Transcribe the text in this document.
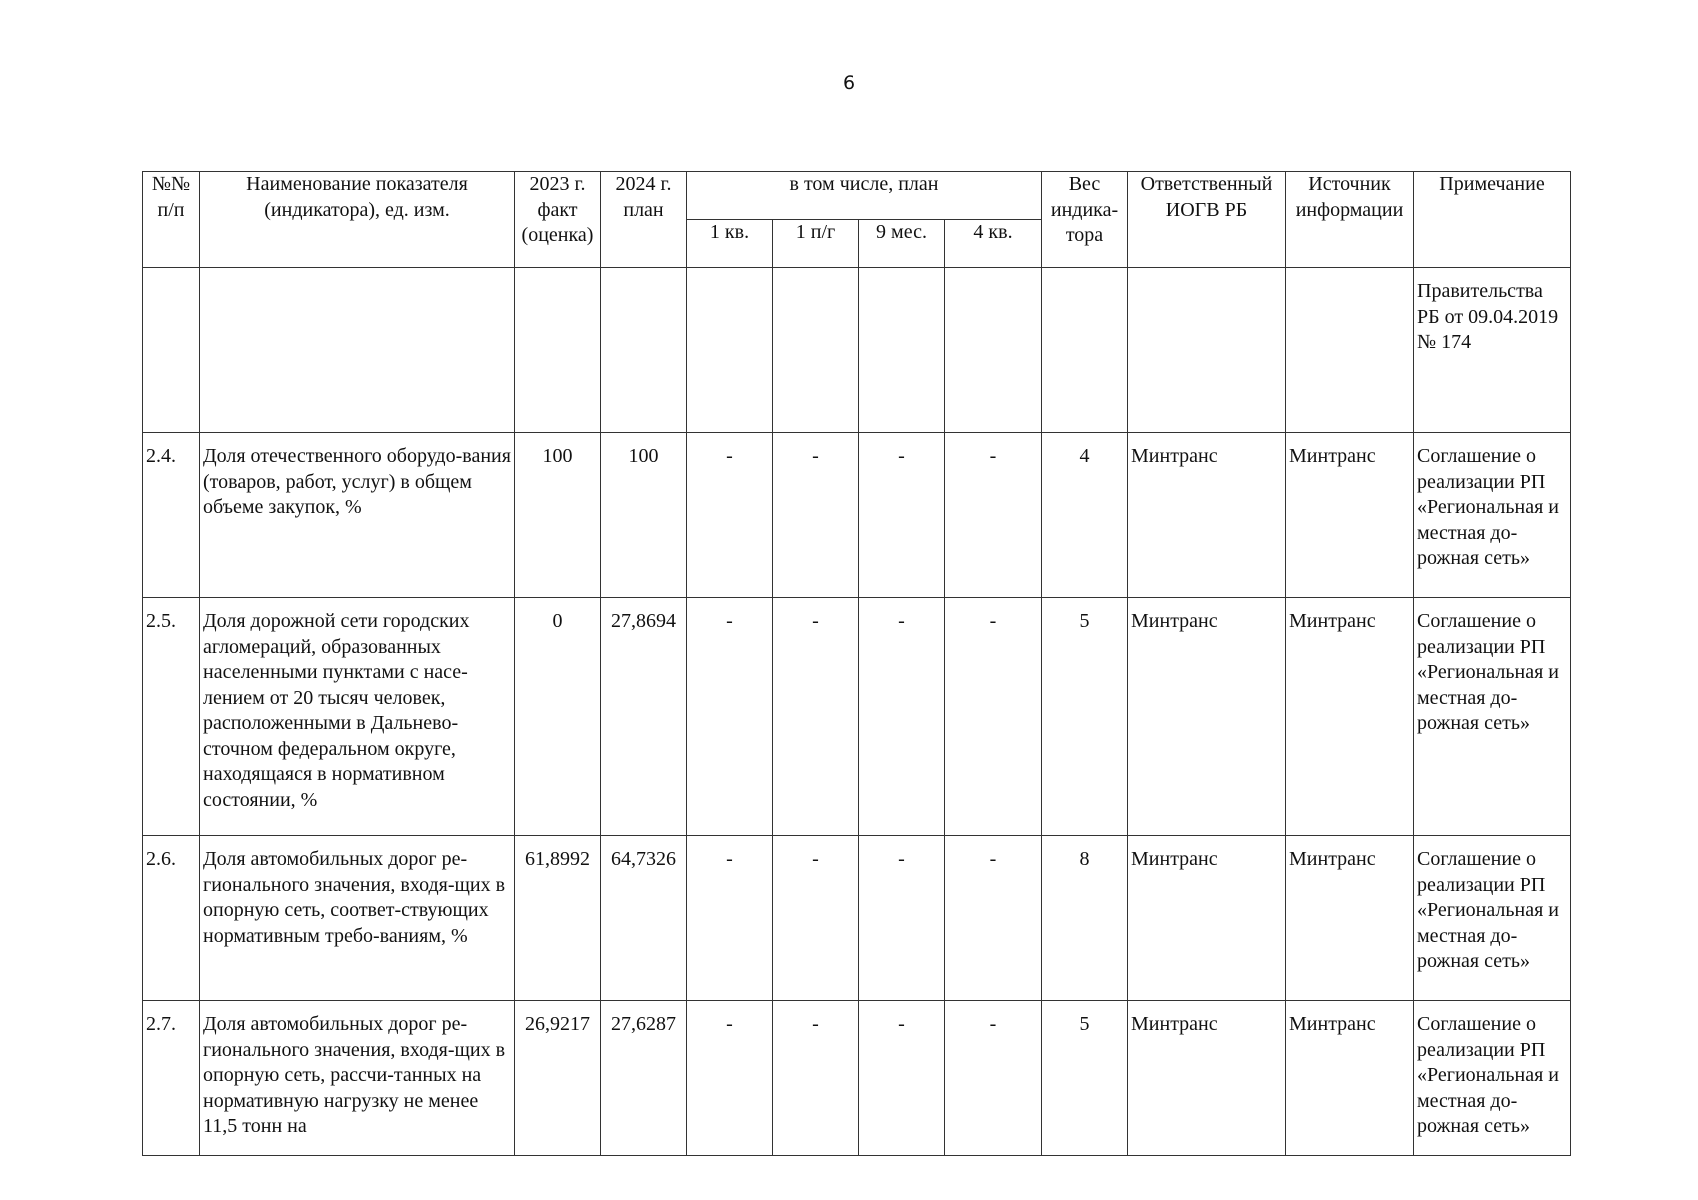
6
№№ п/п	Наименование показателя (индикатора), ед. изм.	2023 г. факт (оценка)	2024 г. план	в том числе, план				Вес индика-тора	Ответственный ИОГВ РБ	Источник информации	Примечание
				1 кв.	1 п/г	9 мес.	4 кв.				
											Правительства РБ от 09.04.2019 № 174
2.4.	Доля отечественного оборудо-вания (товаров, работ, услуг) в общем объеме закупок, %	100	100	-	-	-	-	4	Минтранс	Минтранс	Соглашение о реализации РП «Региональная и местная до-рожная сеть»
2.5.	Доля дорожной сети городских агломераций, образованных населенными пунктами с насе-лением от 20 тысяч человек, расположенными в Дальнево-сточном федеральном округе, находящаяся в нормативном состоянии, %	0	27,8694	-	-	-	-	5	Минтранс	Минтранс	Соглашение о реализации РП «Региональная и местная до-рожная сеть»
2.6.	Доля автомобильных дорог ре-гионального значения, входя-щих в опорную сеть, соответ-ствующих нормативным требо-ваниям, %	61,8992	64,7326	-	-	-	-	8	Минтранс	Минтранс	Соглашение о реализации РП «Региональная и местная до-рожная сеть»
2.7.	Доля автомобильных дорог ре-гионального значения, входя-щих в опорную сеть, рассчи-танных на нормативную нагрузку не менее 11,5 тонн на	26,9217	27,6287	-	-	-	-	5	Минтранс	Минтранс	Соглашение о реализации РП «Региональная и местная до-рожная сеть»
